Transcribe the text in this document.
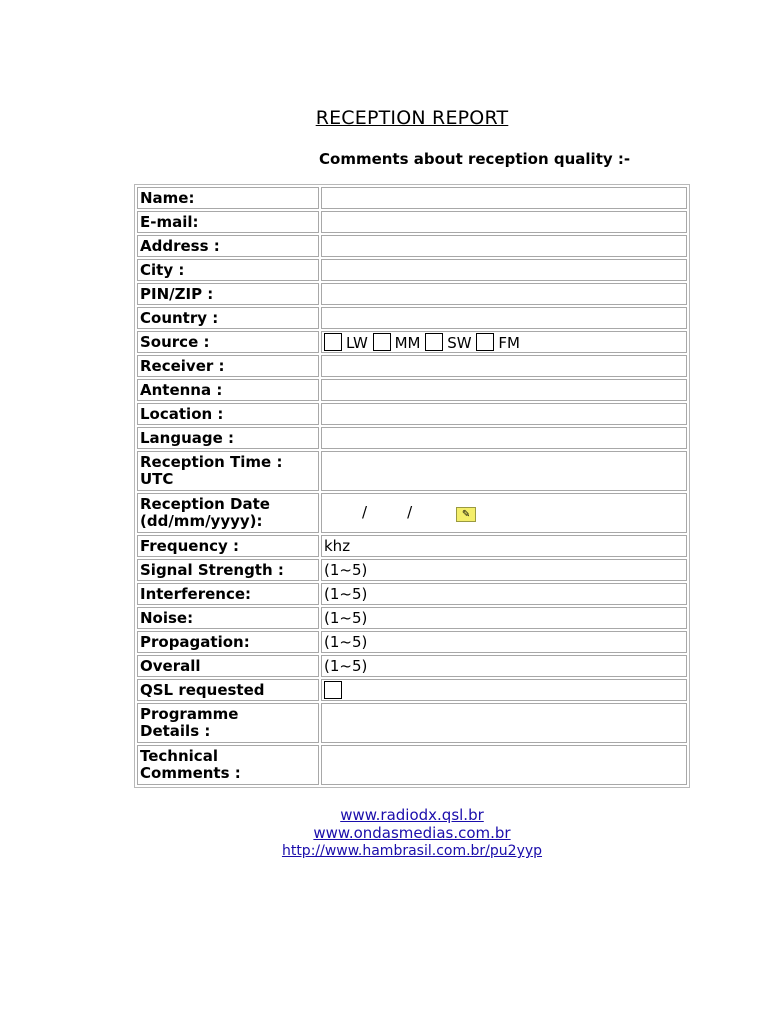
RECEPTION REPORT
Comments about reception quality :-
Name:	
E-mail:	
Address :	
City :	
PIN/ZIP :	
Country :	
Source :	LW MM SW FM
Receiver :	
Antenna :	
Location :	
Language :	
Reception Time :
UTC	
Reception Date
(dd/mm/yyyy):	/ / ✎
Frequency :	khz
Signal Strength :	(1~5)
Interference:	(1~5)
Noise:	(1~5)
Propagation:	(1~5)
Overall	(1~5)
QSL requested	
Programme
Details :	
Technical
Comments :	
www.radiodx.qsl.br
www.ondasmedias.com.br
http://www.hambrasil.com.br/pu2yyp
